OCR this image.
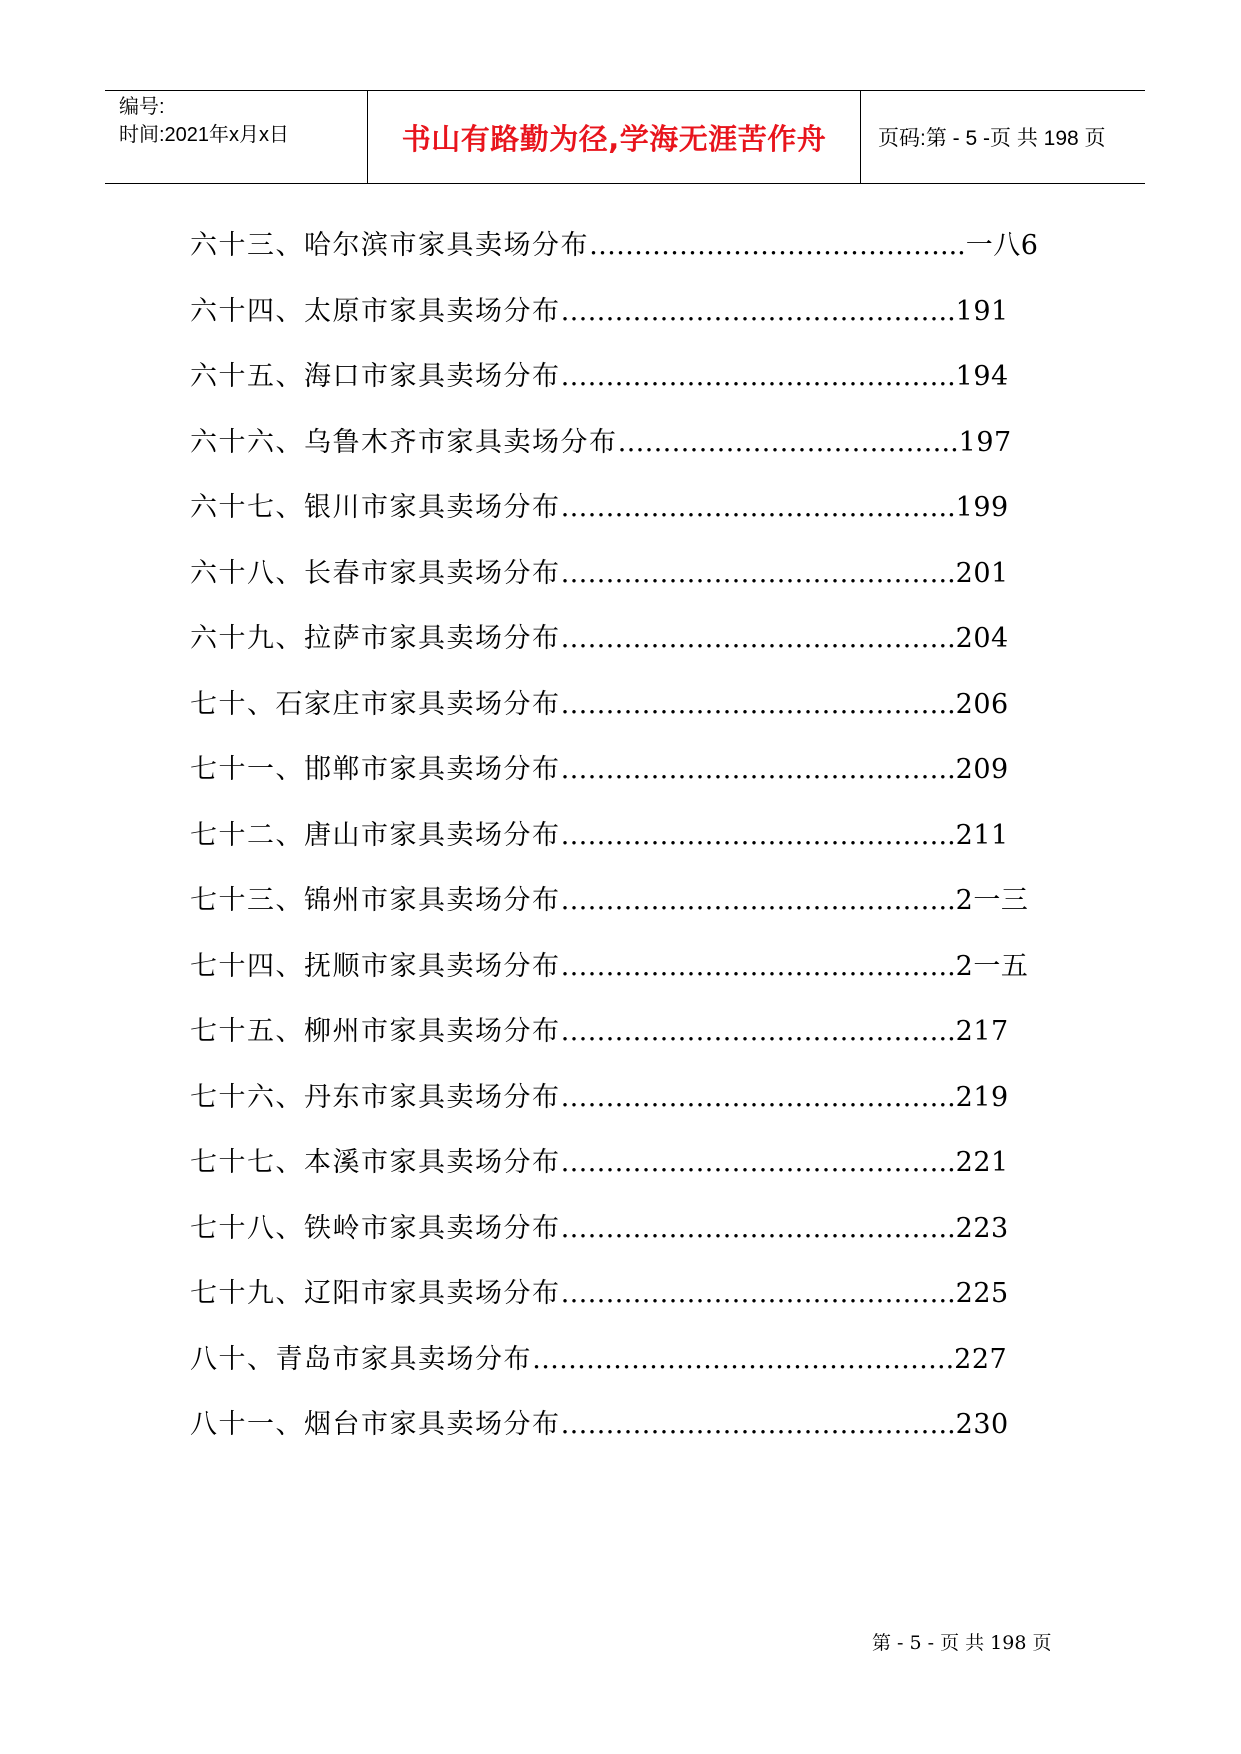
编号:
时间:2021年x月x日	书山有路勤为径,学海无涯苦作舟	页码:第 - 5 -页 共 198 页
六十三、哈尔滨市家具卖场分布…………………………………...一八6
六十四、太原市家具卖场分布……………………………………..191
六十五、海口市家具卖场分布……………………………………..194
六十六、乌鲁木齐市家具卖场分布………………………………..197
六十七、银川市家具卖场分布……………………………………..199
六十八、长春市家具卖场分布……………………………………..201
六十九、拉萨市家具卖场分布……………………………………..204
七十、石家庄市家具卖场分布……………………………………..206
七十一、邯郸市家具卖场分布……………………………………..209
七十二、唐山市家具卖场分布……………………………………..211
七十三、锦州市家具卖场分布……………………………………..2一三
七十四、抚顺市家具卖场分布……………………………………..2一五
七十五、柳州市家具卖场分布……………………………………..217
七十六、丹东市家具卖场分布……………………………………..219
七十七、本溪市家具卖场分布……………………………………..221
七十八、铁岭市家具卖场分布……………………………………..223
七十九、辽阳市家具卖场分布……………………………………..225
八十、青岛市家具卖场分布………………………………………..227
八十一、烟台市家具卖场分布……………………………………..230
第 - 5 - 页 共 198 页
